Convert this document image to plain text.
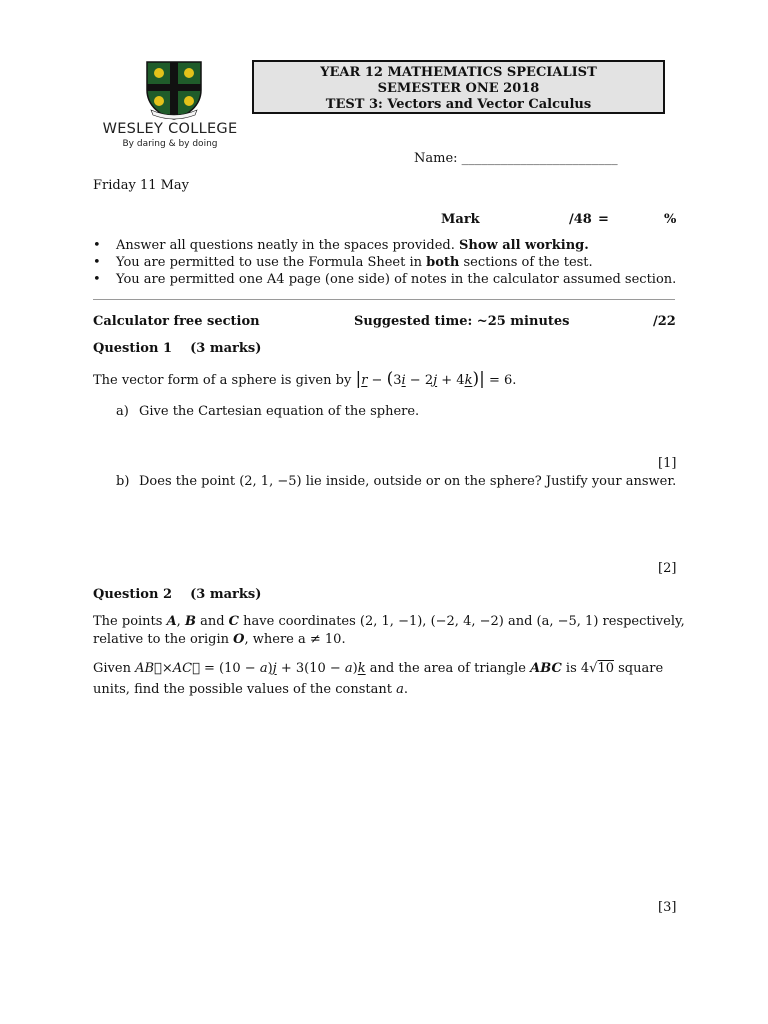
WESLEY COLLEGE
By daring & by doing
YEAR 12 MATHEMATICS SPECIALIST
SEMESTER ONE 2018
TEST 3: Vectors and Vector Calculus
Name: ________________________
Friday 11 May
Mark	/48 =	%
• Answer all questions neatly in the spaces provided. Show all working.
• You are permitted to use the Formula Sheet in both sections of the test.
• You are permitted one A4 page (one side) of notes in the calculator assumed section.
Calculator free section	Suggested time: ~25 minutes	/22
Question 1 (3 marks)
The vector form of a sphere is given by |r − (3i − 2j + 4k)| = 6.
a) Give the Cartesian equation of the sphere.
[1]
b) Does the point (2, 1, −5) lie inside, outside or on the sphere? Justify your answer.
[2]
Question 2 (3 marks)
The points A, B and C have coordinates (2, 1, −1), (−2, 4, −2) and (a, −5, 1) respectively,
relative to the origin O, where a ≠ 10.
Given AB⃗×AC⃗ = (10 − a)j + 3(10 − a)k and the area of triangle ABC is 4√10 square
units, find the possible values of the constant a.
[3]
